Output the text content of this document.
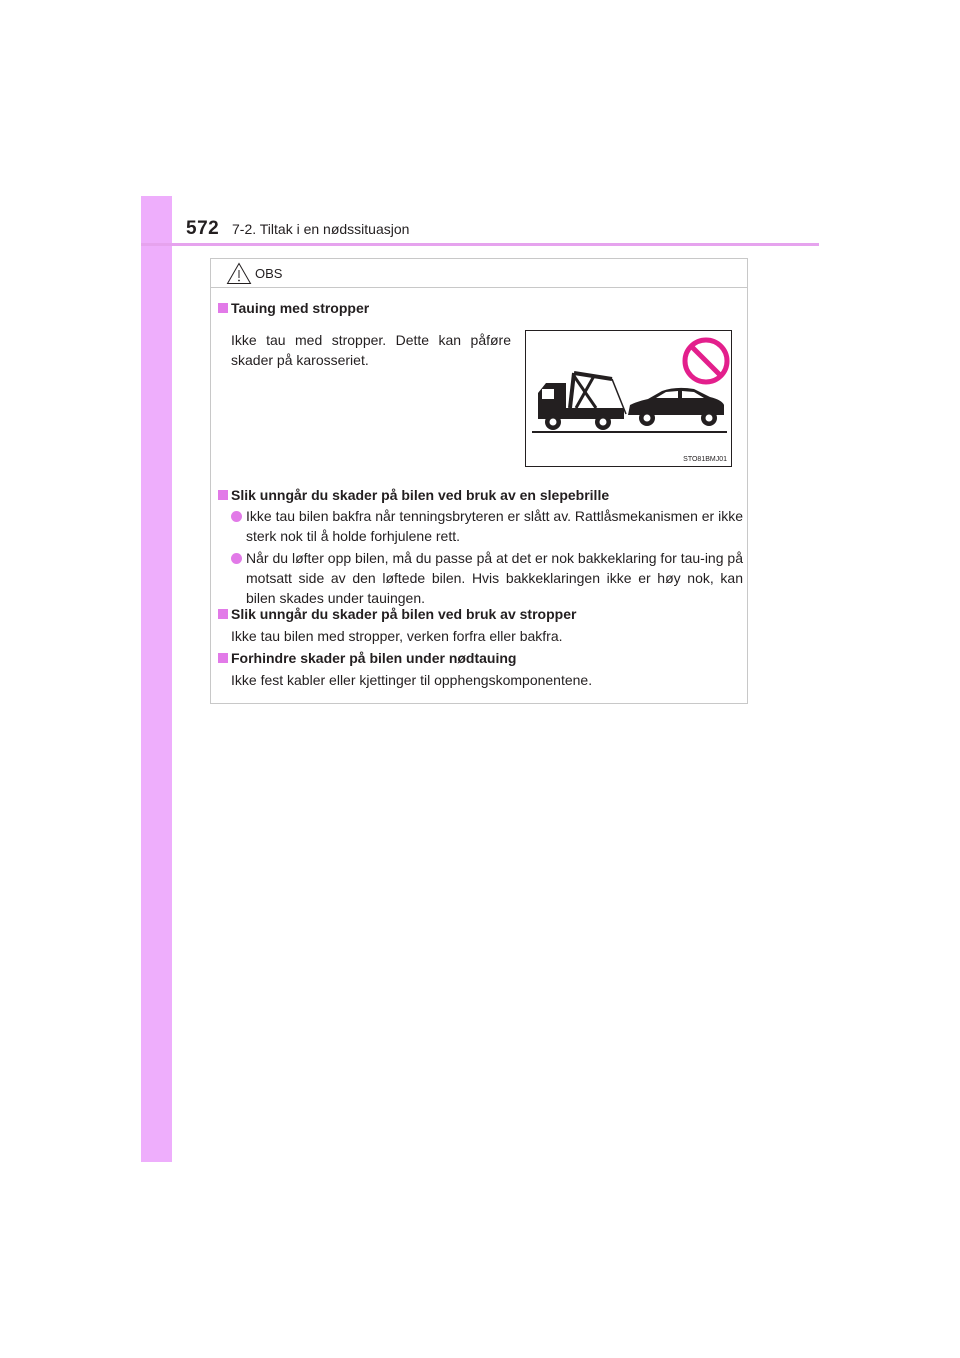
572 7-2. Tiltak i en nødssituasjon
OBS
Tauing med stropper
Ikke tau med stropper. Dette kan påføre skader på karosseriet.
STO81BMJ01
Slik unngår du skader på bilen ved bruk av en slepebrille
Ikke tau bilen bakfra når tenningsbryteren er slått av. Rattlåsmekanismen er ikke sterk nok til å holde forhjulene rett.
Når du løfter opp bilen, må du passe på at det er nok bakkeklaring for tau-ing på motsatt side av den løftede bilen. Hvis bakkeklaringen ikke er høy nok, kan bilen skades under tauingen.
Slik unngår du skader på bilen ved bruk av stropper
Ikke tau bilen med stropper, verken forfra eller bakfra.
Forhindre skader på bilen under nødtauing
Ikke fest kabler eller kjettinger til opphengskomponentene.
